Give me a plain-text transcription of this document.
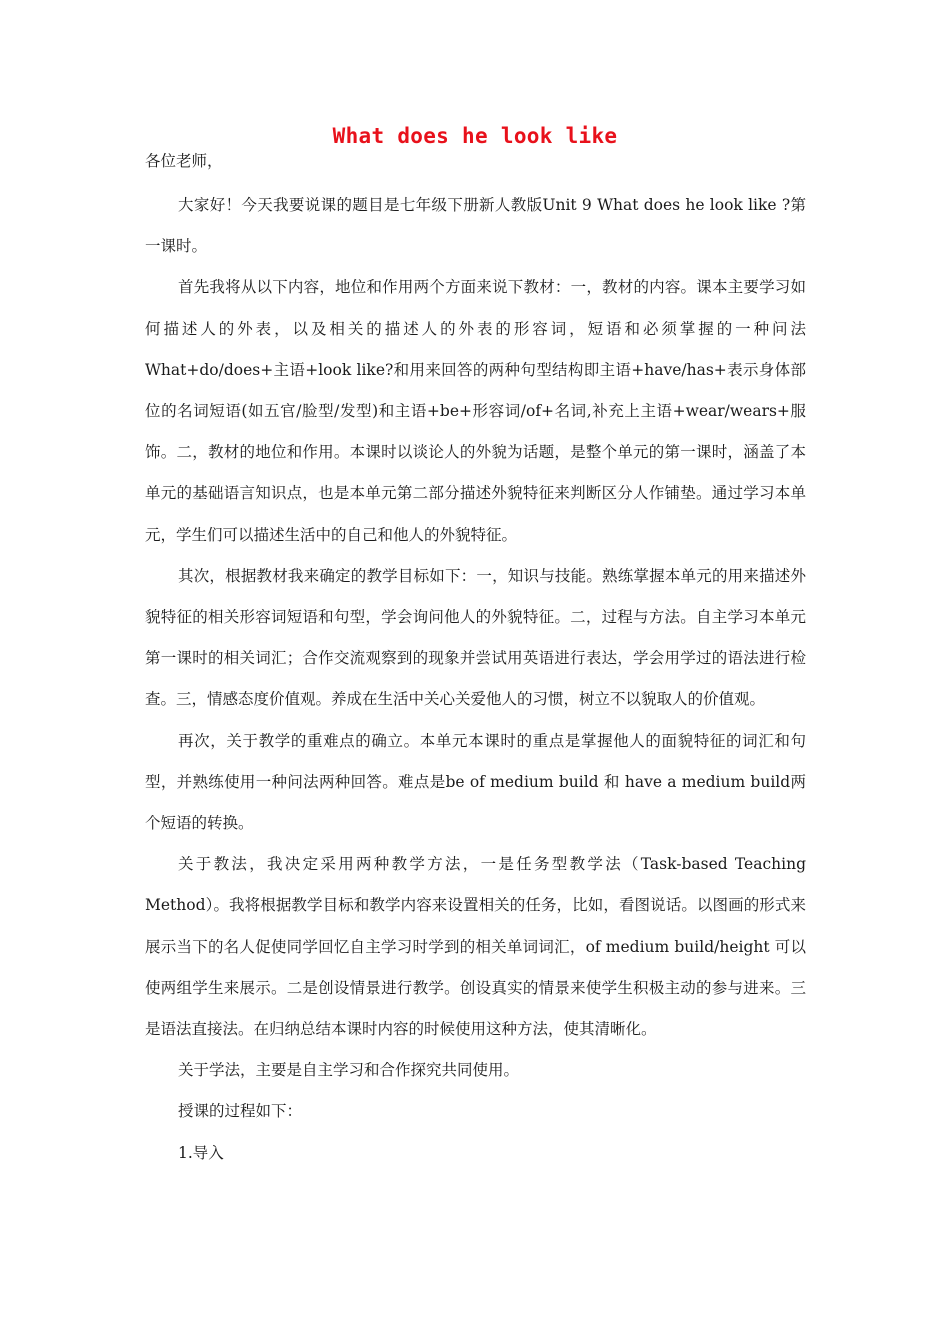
What does he look like
各位老师，

大家好！今天我要说课的题目是七年级下册新人教版Unit 9 What does he look like ?第一课时。

首先我将从以下内容，地位和作用两个方面来说下教材：一，教材的内容。课本主要学习如何描述人的外表，以及相关的描述人的外表的形容词，短语和必须掌握的一种问法What+do/does+主语+look like?和用来回答的两种句型结构即主语+have/has+表示身体部位的名词短语(如五官/脸型/发型)和主语+be+形容词/of+名词,补充上主语+wear/wears+服饰。二，教材的地位和作用。本课时以谈论人的外貌为话题，是整个单元的第一课时，涵盖了本单元的基础语言知识点，也是本单元第二部分描述外貌特征来判断区分人作铺垫。通过学习本单元，学生们可以描述生活中的自己和他人的外貌特征。

其次，根据教材我来确定的教学目标如下：一，知识与技能。熟练掌握本单元的用来描述外貌特征的相关形容词短语和句型，学会询问他人的外貌特征。二，过程与方法。自主学习本单元第一课时的相关词汇；合作交流观察到的现象并尝试用英语进行表达，学会用学过的语法进行检查。三，情感态度价值观。养成在生活中关心关爱他人的习惯，树立不以貌取人的价值观。

再次，关于教学的重难点的确立。本单元本课时的重点是掌握他人的面貌特征的词汇和句型，并熟练使用一种问法两种回答。难点是be of medium build 和 have a medium build两个短语的转换。

关于教法，我决定采用两种教学方法，一是任务型教学法（Task-based Teaching Method）。我将根据教学目标和教学内容来设置相关的任务，比如，看图说话。以图画的形式来展示当下的名人促使同学回忆自主学习时学到的相关单词词汇，of medium build/height 可以使两组学生来展示。二是创设情景进行教学。创设真实的情景来使学生积极主动的参与进来。三是语法直接法。在归纳总结本课时内容的时候使用这种方法，使其清晰化。

关于学法，主要是自主学习和合作探究共同使用。

授课的过程如下：

1.导入
